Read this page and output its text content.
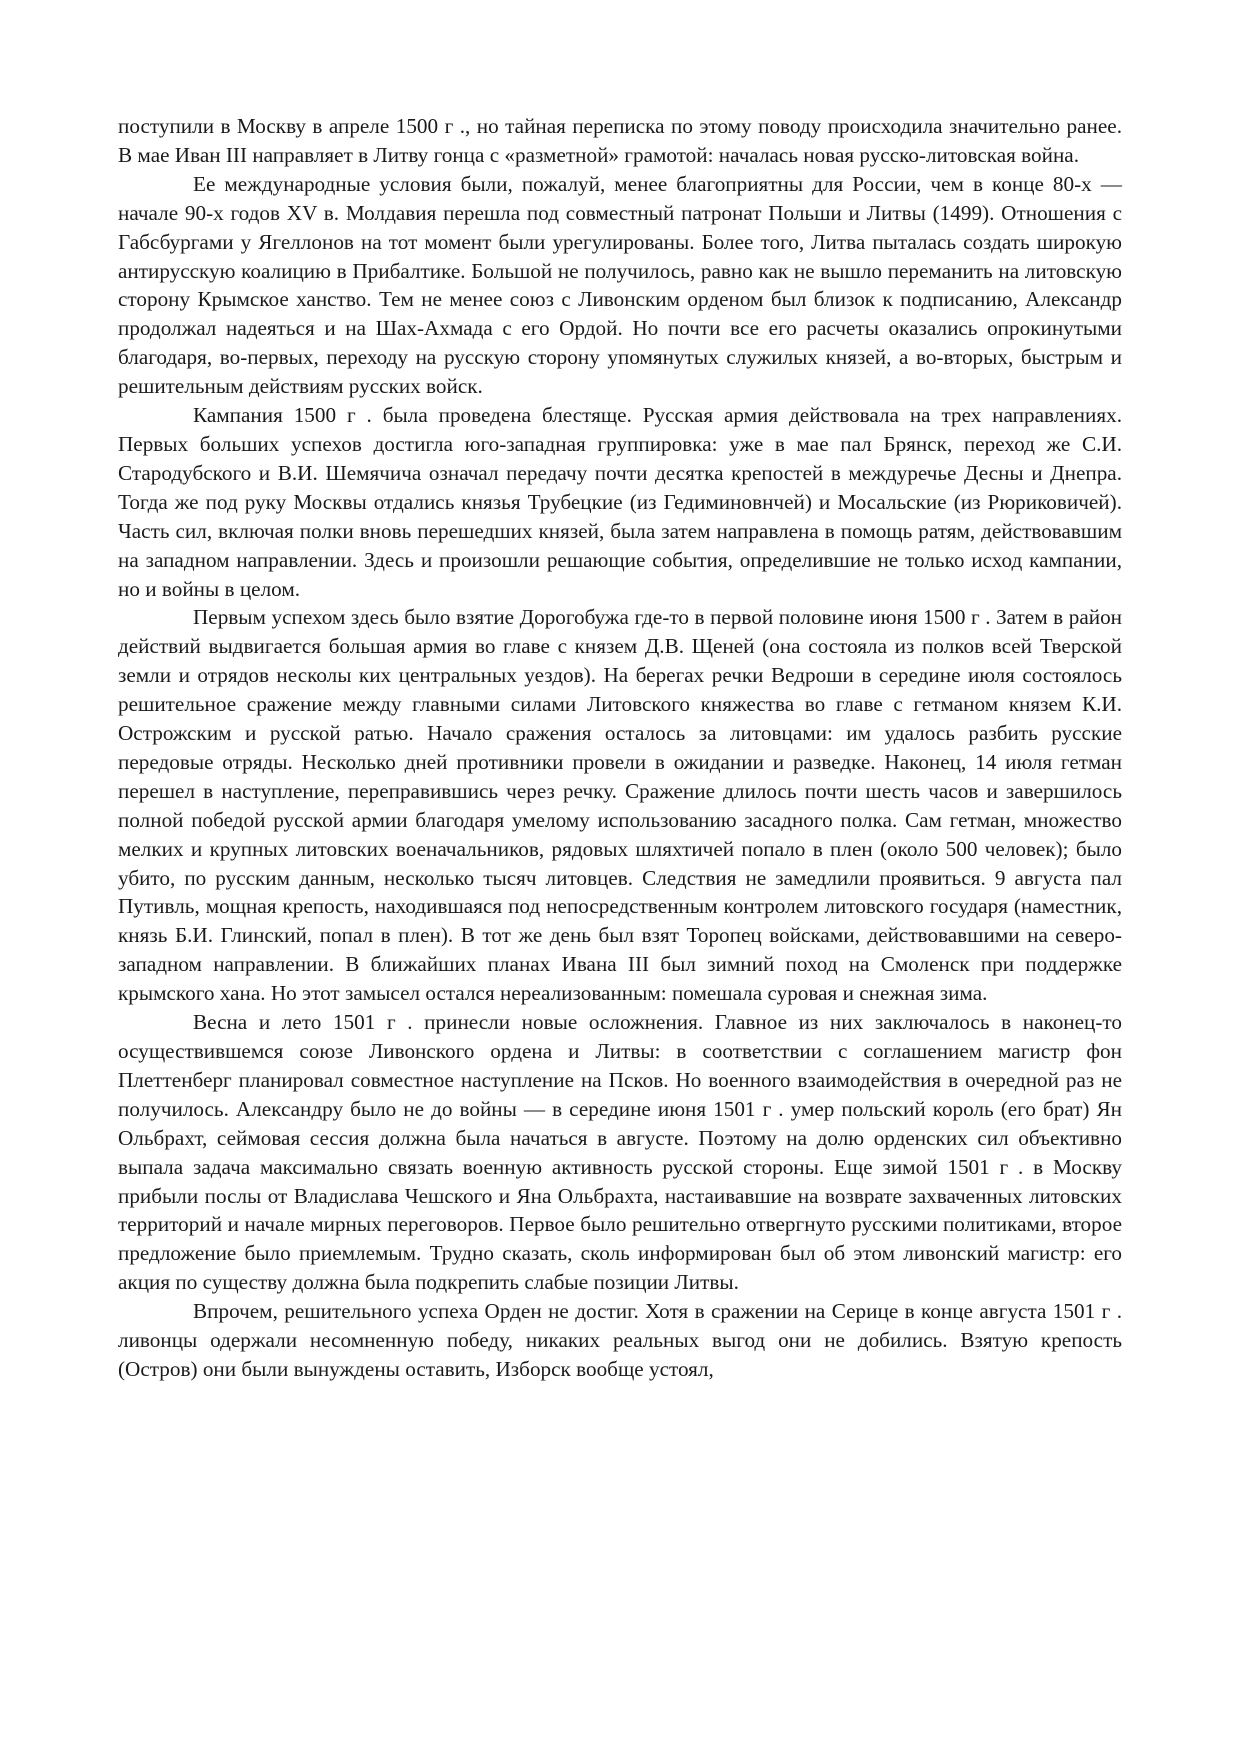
поступили в Москву в апреле 1500 г ., но тайная переписка по этому поводу происходила значительно ранее. В мае Иван III направляет в Литву гонца с «разметной» грамотой: началась новая русско-литовская война.

Ее международные условия были, пожалуй, менее благоприятны для России, чем в конце 80-х — начале 90-х годов XV в. Молдавия перешла под совместный патронат Польши и Литвы (1499). Отношения с Габсбургами у Ягеллонов на тот момент были урегулированы. Более того, Литва пыталась создать широкую антирусскую коалицию в Прибалтике. Большой не получилось, равно как не вышло переманить на литовскую сторону Крымское ханство. Тем не менее союз с Ливонским орденом был близок к подписанию, Александр продолжал надеяться и на Шах-Ахмада с его Ордой. Но почти все его расчеты оказались опрокинутыми благодаря, во-первых, переходу на русскую сторону упомянутых служилых князей, а во-вторых, быстрым и решительным действиям русских войск.

Кампания 1500 г . была проведена блестяще. Русская армия действовала на трех направлениях. Первых больших успехов достигла юго-западная группировка: уже в мае пал Брянск, переход же С.И. Стародубского и В.И. Шемячича означал передачу почти десятка крепостей в междуречье Десны и Днепра. Тогда же под руку Москвы отдались князья Трубецкие (из Гедиминовнчей) и Мосальские (из Рюриковичей). Часть сил, включая полки вновь перешедших князей, была затем направлена в помощь ратям, действовавшим на западном направлении. Здесь и произошли решающие события, определившие не только исход кампании, но и войны в целом.

Первым успехом здесь было взятие Дорогобужа где-то в первой половине июня 1500 г . Затем в район действий выдвигается большая армия во главе с князем Д.В. Щеней (она состояла из полков всей Тверской земли и отрядов несколы ких центральных уездов). На берегах речки Ведроши в середине июля состоялось решительное сражение между главными силами Литовского княжества во главе с гетманом князем К.И. Острожским и русской ратью. Начало сражения осталось за литовцами: им удалось разбить русские передовые отряды. Несколько дней противники провели в ожидании и разведке. Наконец, 14 июля гетман перешел в наступление, переправившись через речку. Сражение длилось почти шесть часов и завершилось полной победой русской армии благодаря умелому использованию засадного полка. Сам гетман, множество мелких и крупных литовских военачальников, рядовых шляхтичей попало в плен (около 500 человек); было убито, по русским данным, несколько тысяч литовцев. Следствия не замедлили проявиться. 9 августа пал Путивль, мощная крепость, находившаяся под непосредственным контролем литовского государя (наместник, князь Б.И. Глинский, попал в плен). В тот же день был взят Торопец войсками, действовавшими на северо-западном направлении. В ближайших планах Ивана III был зимний поход на Смоленск при поддержке крымского хана. Но этот замысел остался нереализованным: помешала суровая и снежная зима.

Весна и лето 1501 г . принесли новые осложнения. Главное из них заключалось в наконец-то осуществившемся союзе Ливонского ордена и Литвы: в соответствии с соглашением магистр фон Плеттенберг планировал совместное наступление на Псков. Но военного взаимодействия в очередной раз не получилось. Александру было не до войны — в середине июня 1501 г . умер польский король (его брат) Ян Ольбрахт, сеймовая сессия должна была начаться в августе. Поэтому на долю орденских сил объективно выпала задача максимально связать военную активность русской стороны. Еще зимой 1501 г . в Москву прибыли послы от Владислава Чешского и Яна Ольбрахта, настаивавшие на возврате захваченных литовских территорий и начале мирных переговоров. Первое было решительно отвергнуто русскими политиками, второе предложение было приемлемым. Трудно сказать, сколь информирован был об этом ливонский магистр: его акция по существу должна была подкрепить слабые позиции Литвы.

Впрочем, решительного успеха Орден не достиг. Хотя в сражении на Серице в конце августа 1501 г . ливонцы одержали несомненную победу, никаких реальных выгод они не добились. Взятую крепость (Остров) они были вынуждены оставить, Изборск вообще устоял,
